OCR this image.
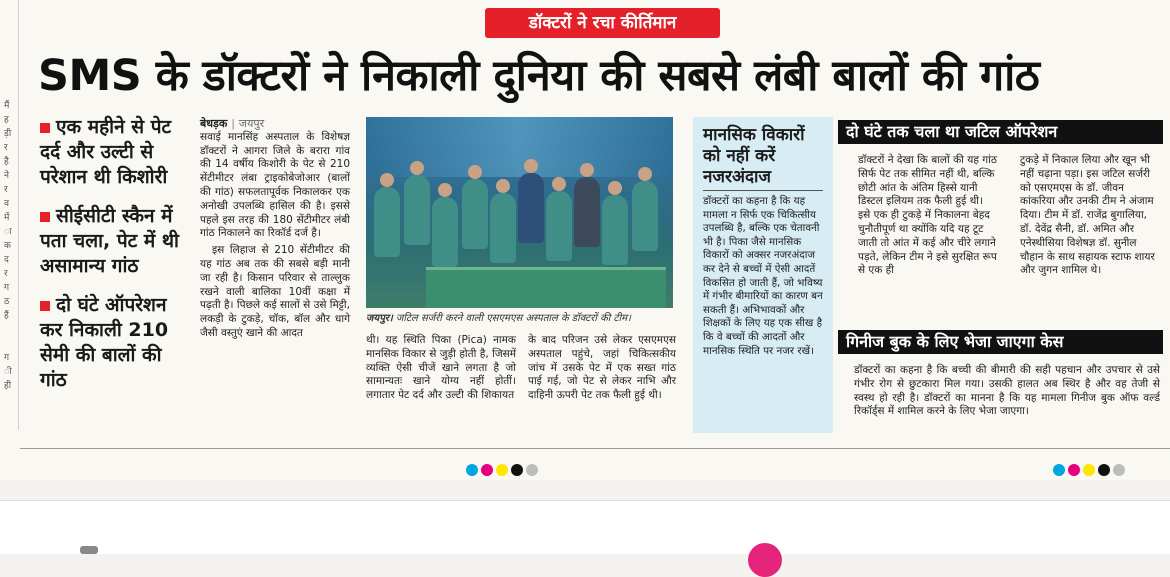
मैं
ह
ड़ी
र
है
ने
र
व
में
ा
क
द
र
ग
ठ
हैं
ग
ी
ही
डॉक्टरों ने रचा कीर्तिमान
SMS के डॉक्टरों ने निकाली दुनिया की सबसे लंबी बालों की गांठ
एक महीने से पेट दर्द और उल्टी से परेशान थी किशोरी
सीईसीटी स्कैन में पता चला, पेट में थी असामान्य गांठ
दो घंटे ऑपरेशन कर निकाली 210 सेमी की बालों की गांठ
बेधड़क | जयपुर
सवाई मानसिंह अस्पताल के विशेषज्ञ डॉक्टरों ने आगरा जिले के बरारा गांव की 14 वर्षीय किशोरी के पेट से 210 सेंटीमीटर लंबा ट्राइकोबेजोआर (बालों की गांठ) सफलतापूर्वक निकालकर एक अनोखी उपलब्धि हासिल की है। इससे पहले इस तरह की 180 सेंटीमीटर लंबी गांठ निकालने का रिकॉर्ड दर्ज है।
इस लिहाज से 210 सेंटीमीटर की यह गांठ अब तक की सबसे बड़ी मानी जा रही है। किसान परिवार से ताल्लुक रखने वाली बालिका 10वीं कक्षा में पढ़ती है। पिछले कई सालों से उसे मिट्टी, लकड़ी के टुकड़े, चॉक, बॉल और धागे जैसी वस्तुएं खाने की आदत
जयपुर। जटिल सर्जरी करने वाली एसएमएस अस्पताल के डॉक्टरों की टीम।
थी। यह स्थिति पिका (Pica) नामक मानसिक विकार से जुड़ी होती है, जिसमें व्यक्ति ऐसी चीजें खाने लगता है जो सामान्यतः खाने योग्य नहीं होतीं। लगातार पेट दर्द और उल्टी की शिकायत
के बाद परिजन उसे लेकर एसएमएस अस्पताल पहुंचे, जहां चिकित्सकीय जांच में उसके पेट में एक सख्त गांठ पाई गई, जो पेट से लेकर नाभि और दाहिनी ऊपरी पेट तक फैली हुई थी।
मानसिक विकारों को नहीं करें नजरअंदाज

डॉक्टरों का कहना है कि यह मामला न सिर्फ एक चिकित्सीय उपलब्धि है, बल्कि एक चेतावनी भी है। पिका जैसे मानसिक विकारों को अक्सर नजरअंदाज कर देने से बच्चों में ऐसी आदतें विकसित हो जाती हैं, जो भविष्य में गंभीर बीमारियों का कारण बन सकती हैं। अभिभावकों और शिक्षकों के लिए यह एक सीख है कि वे बच्चों की आदतों और मानसिक स्थिति पर नजर रखें।

दो घंटे तक चला था जटिल ऑपरेशन
डॉक्टरों ने देखा कि बालों की यह गांठ सिर्फ पेट तक सीमित नहीं थी, बल्कि छोटी आंत के अंतिम हिस्से यानी डिस्टल इलियम तक फैली हुई थी। इसे एक ही टुकड़े में निकालना बेहद चुनौतीपूर्ण था क्योंकि यदि यह टूट जाती तो आंत में कई और चीरे लगाने पड़ते, लेकिन टीम ने इसे सुरक्षित रूप से एक ही
टुकड़े में निकाल लिया और खून भी नहीं चढ़ाना पड़ा। इस जटिल सर्जरी को एसएमएस के डॉ. जीवन कांकरिया और उनकी टीम ने अंजाम दिया। टीम में डॉ. राजेंद्र बुगालिया, डॉ. देवेंद्र सैनी, डॉ. अमित और एनेस्थीसिया विशेषज्ञ डॉ. सुनील चौहान के साथ सहायक स्टाफ शायर और जुगन शामिल थे।
गिनीज बुक के लिए भेजा जाएगा केस
डॉक्टरों का कहना है कि बच्ची की बीमारी की सही पहचान और उपचार से उसे गंभीर रोग से छुटकारा मिल गया। उसकी हालत अब स्थिर है और वह तेजी से स्वस्थ हो रही है। डॉक्टरों का मानना है कि यह मामला गिनीज बुक ऑफ वर्ल्ड रिकॉर्ड्स में शामिल करने के लिए भेजा जाएगा।
